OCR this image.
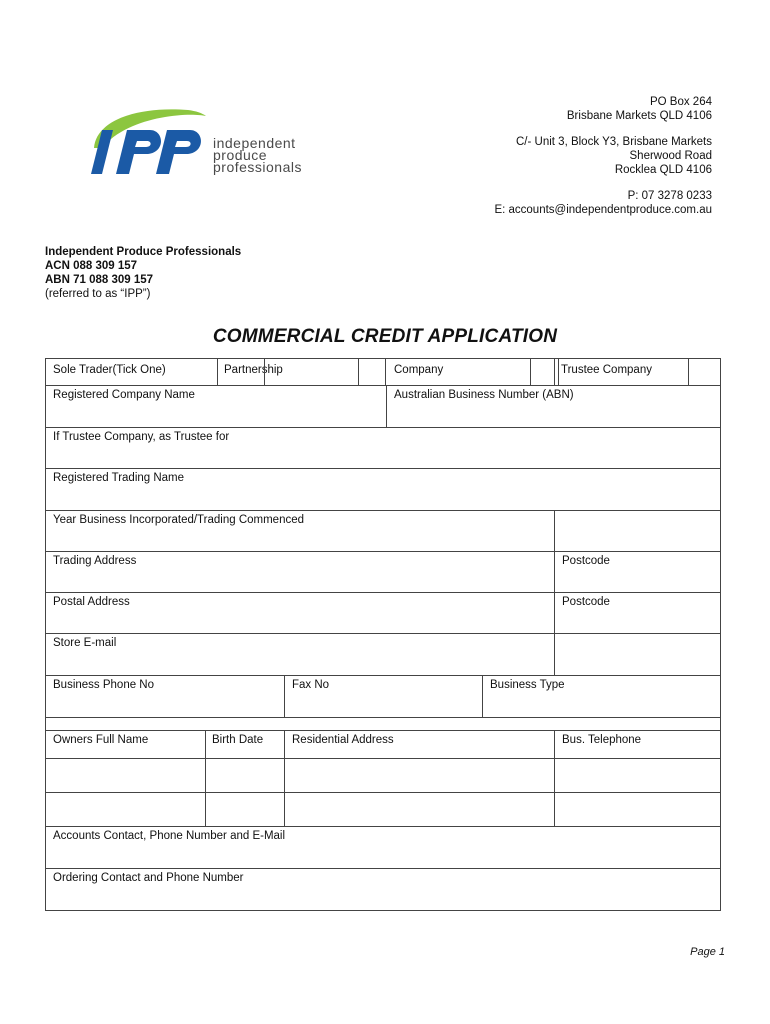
independent
produce
professionals
PO Box 264
Brisbane Markets QLD 4106
C/- Unit 3, Block Y3, Brisbane Markets
Sherwood Road
Rocklea QLD 4106
P: 07 3278 0233
E: accounts@independentproduce.com.au
Independent Produce Professionals
ACN 088 309 157
ABN 71 088 309 157
(referred to as “IPP”)
COMMERCIAL CREDIT APPLICATION
Sole Trader(Tick One)	Partnership	Company	Trustee Company
Registered Company Name	Australian Business Number (ABN)
If Trustee Company, as Trustee for
Registered Trading Name
Year Business Incorporated/Trading Commenced
Trading Address	Postcode
Postal Address	Postcode
Store E-mail
Business Phone No	Fax No	Business Type
Owners Full Name	Birth Date	Residential Address	Bus. Telephone
Accounts Contact, Phone Number and E-Mail
Ordering Contact and Phone Number
Page 1
